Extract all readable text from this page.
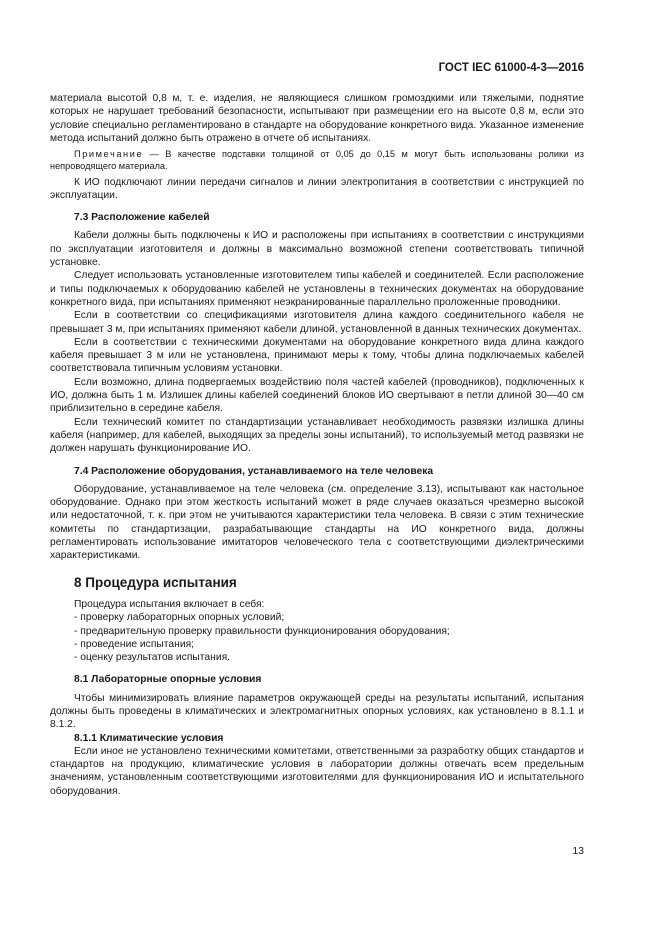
ГОСТ IEC 61000-4-3—2016

материала высотой 0,8 м, т. е. изделия, не являющиеся слишком громоздкими или тяжелыми, поднятие которых не нарушает требований безопасности, испытывают при размещении его на высоте 0,8 м, если это условие специально регламентировано в стандарте на оборудование конкретного вида. Указанное изменение метода испытаний должно быть отражено в отчете об испытаниях.

Примечание — В качестве подставки толщиной от 0,05 до 0,15 м могут быть использованы ролики из непроводящего материала.

К ИО подключают линии передачи сигналов и линии электропитания в соответствии с инструкцией по эксплуатации.

7.3 Расположение кабелей

Кабели должны быть подключены к ИО и расположены при испытаниях в соответствии с инструкциями по эксплуатации изготовителя и должны в максимально возможной степени соответствовать типичной установке.

Следует использовать установленные изготовителем типы кабелей и соединителей. Если расположение и типы подключаемых к оборудованию кабелей не установлены в технических документах на оборудование конкретного вида, при испытаниях применяют неэкранированные параллельно проложенные проводники.

Если в соответствии со спецификациями изготовителя длина каждого соединительного кабеля не превышает 3 м, при испытаниях применяют кабели длиной, установленной в данных технических документах.

Если в соответствии с техническими документами на оборудование конкретного вида длина каждого кабеля превышает 3 м или не установлена, принимают меры к тому, чтобы длина подключаемых кабелей соответствовала типичным условиям установки.

Если возможно, длина подвергаемых воздействию поля частей кабелей (проводников), подключенных к ИО, должна быть 1 м. Излишек длины кабелей соединений блоков ИО свертывают в петли длиной 30—40 см приблизительно в середине кабеля.

Если технический комитет по стандартизации устанавливает необходимость развязки излишка длины кабеля (например, для кабелей, выходящих за пределы зоны испытаний), то используемый метод развязки не должен нарушать функционирование ИО.

7.4 Расположение оборудования, устанавливаемого на теле человека

Оборудование, устанавливаемое на теле человека (см. определение 3.13), испытывают как настольное оборудование. Однако при этом жесткость испытаний может в ряде случаев оказаться чрезмерно высокой или недостаточной, т. к. при этом не учитываются характеристики тела человека. В связи с этим технические комитеты по стандартизации, разрабатывающие стандарты на ИО конкретного вида, должны регламентировать использование имитаторов человеческого тела с соответствующими диэлектрическими характеристиками.

8 Процедура испытания

Процедура испытания включает в себя:
- проверку лабораторных опорных условий;
- предварительную проверку правильности функционирования оборудования;
- проведение испытания;
- оценку результатов испытания.

8.1 Лабораторные опорные условия

Чтобы минимизировать влияние параметров окружающей среды на результаты испытаний, испытания должны быть проведены в климатических и электромагнитных опорных условиях, как установлено в 8.1.1 и 8.1.2.

8.1.1 Климатические условия

Если иное не установлено техническими комитетами, ответственными за разработку общих стандартов и стандартов на продукцию, климатические условия в лаборатории должны отвечать всем предельным значениям, установленным соответствующими изготовителями для функционирования ИО и испытательного оборудования.

13
